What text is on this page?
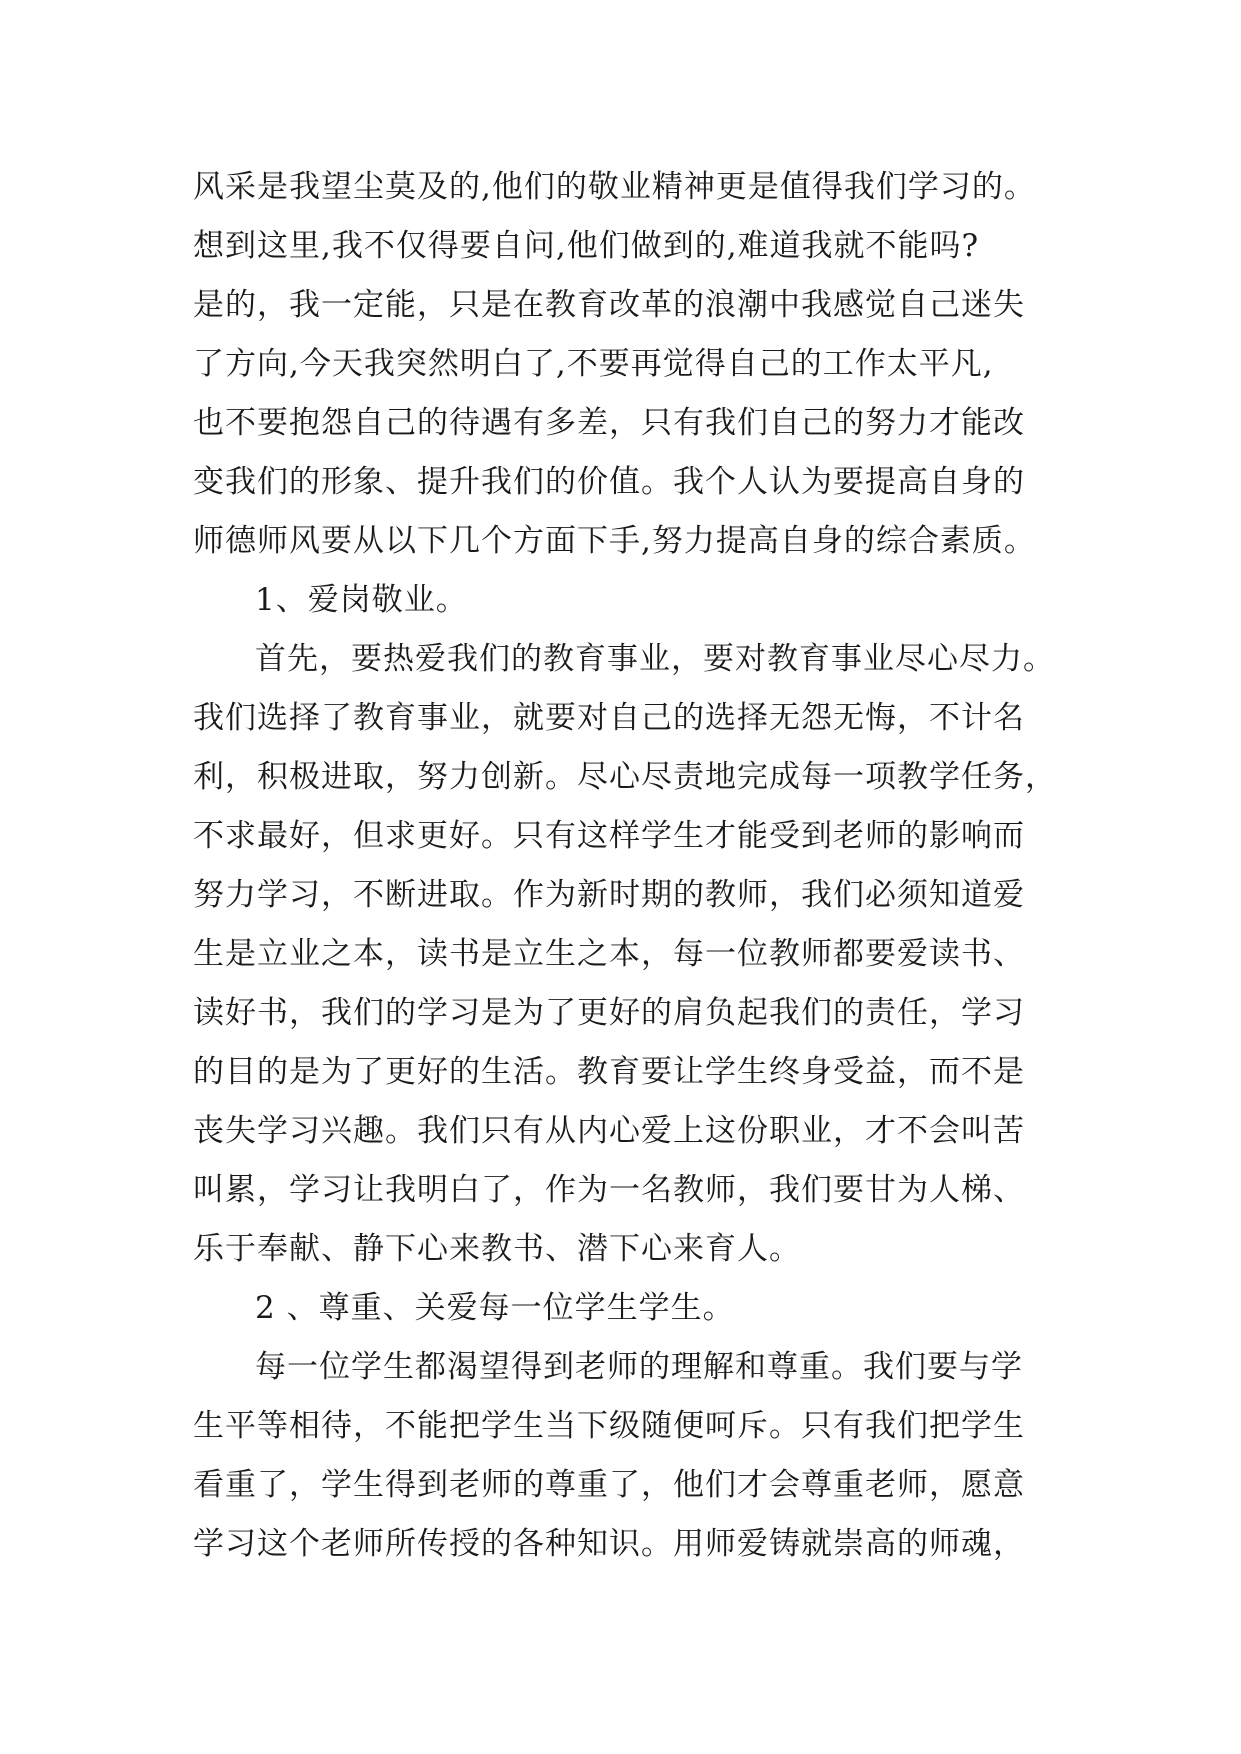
风采是我望尘莫及的,他们的敬业精神更是值得我们学习的。
想到这里,我不仅得要自问,他们做到的,难道我就不能吗?
是的，我一定能，只是在教育改革的浪潮中我感觉自己迷失
了方向,今天我突然明白了,不要再觉得自己的工作太平凡,
也不要抱怨自己的待遇有多差，只有我们自己的努力才能改
变我们的形象、提升我们的价值。我个人认为要提高自身的
师德师风要从以下几个方面下手,努力提高自身的综合素质。
1、爱岗敬业。
首先，要热爱我们的教育事业，要对教育事业尽心尽力。
我们选择了教育事业，就要对自己的选择无怨无悔，不计名
利，积极进取，努力创新。尽心尽责地完成每一项教学任务，
不求最好，但求更好。只有这样学生才能受到老师的影响而
努力学习，不断进取。作为新时期的教师，我们必须知道爱
生是立业之本，读书是立生之本，每一位教师都要爱读书、
读好书，我们的学习是为了更好的肩负起我们的责任，学习
的目的是为了更好的生活。教育要让学生终身受益，而不是
丧失学习兴趣。我们只有从内心爱上这份职业，才不会叫苦
叫累，学习让我明白了，作为一名教师，我们要甘为人梯、
乐于奉献、静下心来教书、潜下心来育人。
2 、尊重、关爱每一位学生学生。
每一位学生都渴望得到老师的理解和尊重。我们要与学
生平等相待，不能把学生当下级随便呵斥。只有我们把学生
看重了，学生得到老师的尊重了，他们才会尊重老师，愿意
学习这个老师所传授的各种知识。用师爱铸就崇高的师魂，
